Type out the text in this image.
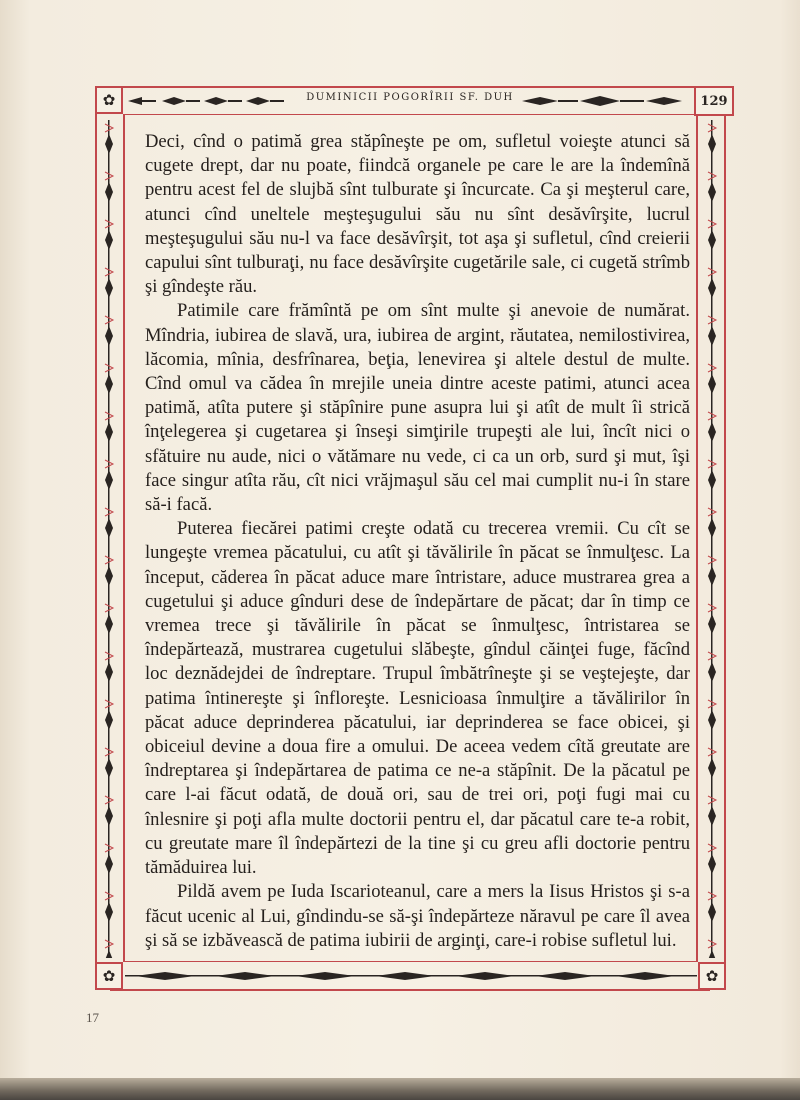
DUMINICII POGORÎRII SF. DUH	129
✿
✿	✿

Deci, cînd o patimă grea stăpîneşte pe om, sufletul voieşte atunci să cugete drept, dar nu poate, fiindcă organele pe care le are la îndemînă pentru acest fel de slujbă sînt tulburate şi încurcate. Ca şi meşterul care, atunci cînd uneltele meşteşugului său nu sînt desăvîrşite, lucrul meşteşugului său nu-l va face desăvîrşit, tot aşa şi sufletul, cînd creierii capului sînt tulburaţi, nu face desăvîrşite cugetările sale, ci cugetă strîmb şi gîndeşte rău.

Patimile care frămîntă pe om sînt multe şi anevoie de numărat. Mîndria, iubirea de slavă, ura, iubirea de argint, răutatea, nemilostivirea, lăcomia, mînia, desfrînarea, beţia, lenevirea şi altele destul de multe. Cînd omul va cădea în mrejile uneia dintre aceste patimi, atunci acea patimă, atîta putere şi stăpînire pune asupra lui şi atît de mult îi strică înţelegerea şi cugetarea şi înseşi simţirile trupeşti ale lui, încît nici o sfătuire nu aude, nici o vătămare nu vede, ci ca un orb, surd şi mut, îşi face singur atîta rău, cît nici vrăjmaşul său cel mai cumplit nu-i în stare să-i facă.

Puterea fiecărei patimi creşte odată cu trecerea vremii. Cu cît se lungeşte vremea păcatului, cu atît şi tăvălirile în păcat se înmulţesc. La început, căderea în păcat aduce mare întristare, aduce mustrarea grea a cugetului şi aduce gînduri dese de îndepărtare de păcat; dar în timp ce vremea trece şi tăvălirile în păcat se înmulţesc, întristarea se îndepărtează, mustrarea cugetului slăbeşte, gîndul căinţei fuge, făcînd loc deznădejdei de îndreptare. Trupul îmbătrîneşte şi se veştejeşte, dar patima întinereşte şi înfloreşte. Lesnicioasa înmulţire a tăvălirilor în păcat aduce deprinderea păcatului, iar deprinderea se face obicei, şi obiceiul devine a doua fire a omului. De aceea vedem cîtă greutate are îndreptarea şi îndepărtarea de patima ce ne-a stăpînit. De la păcatul pe care l-ai făcut odată, de două ori, sau de trei ori, poţi fugi mai cu înlesnire şi poţi afla multe doctorii pentru el, dar păcatul care te-a robit, cu greutate mare îl îndepărtezi de la tine şi cu greu afli doctorie pentru tămăduirea lui.

Pildă avem pe Iuda Iscarioteanul, care a mers la Iisus Hristos şi s-a făcut ucenic al Lui, gîndindu-se să-şi îndepărteze năravul pe care îl avea şi să se izbăvească de patima iubirii de arginţi, care-i robise sufletul lui.

17
